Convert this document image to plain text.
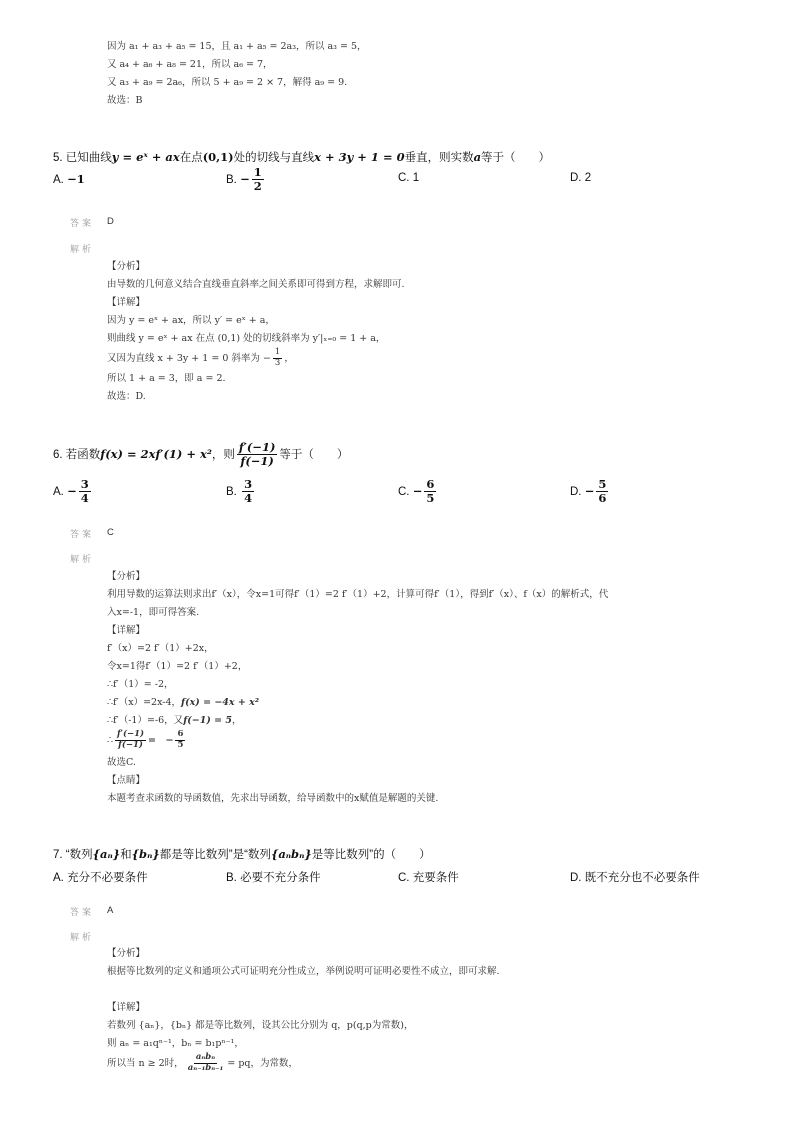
因为 a₁ + a₃ + a₅ = 15，且 a₁ + a₅ = 2a₃，所以 a₃ = 5，
又 a₄ + a₆ + a₈ = 21，所以 a₆ = 7，
又 a₃ + a₉ = 2a₆，所以 5 + a₉ = 2 × 7，解得 a₉ = 9.
故选：B
5. 已知曲线y = eˣ + ax在点(0,1)处的切线与直线x + 3y + 1 = 0垂直，则实数a等于（　　）
A. −1	B. − $\frac{1}{2}$	C. 1	D. 2
答案 D
解析
【分析】
由导数的几何意义结合直线垂直斜率之间关系即可得到方程，求解即可.
【详解】
因为 y = eˣ + ax，所以 y′ = eˣ + a，
则曲线 y = eˣ + ax 在点 (0,1) 处的切线斜率为 y′|ₓ₌₀ = 1 + a，
又因为直线 x + 3y + 1 = 0 斜率为 − $\frac{1}{3}$ ，
所以 1 + a = 3，即 a = 2.
故选：D.
6. 若函数f(x) = 2xf′(1) + x²，则 $\frac{f'(-1)}{f(-1)}$ 等于（　　）
A. − $\frac{3}{4}$	B. $\frac{3}{4}$	C. − $\frac{6}{5}$	D. − $\frac{5}{6}$
答案 C
解析
【分析】
利用导数的运算法则求出f′（x），令x=1可得f′（1）=2 f′（1）+2，计算可得f′（1），得到f′（x）、f（x）的解析式，代
入x=-1，即可得答案.
【详解】
f′（x）=2 f′（1）+2x，
令x=1得f′（1）=2 f′（1）+2，
∴f′（1）= -2，
∴f′（x）=2x-4，f(x) = −4x + x²
∴f′（-1）=-6，又f(−1) = 5，
∴ $\frac{f'(-1)}{f(-1)}$ =　− $\frac{6}{5}$
故选C.
【点睛】
本题考查求函数的导函数值，先求出导函数，给导函数中的x赋值是解题的关键.
7. “数列{aₙ}和{bₙ}都是等比数列”是“数列{aₙbₙ}是等比数列”的（　　）
A. 充分不必要条件	B. 必要不充分条件	C. 充要条件	D. 既不充分也不必要条件
答案 A
解析
【分析】
根据等比数列的定义和通项公式可证明充分性成立，举例说明可证明必要性不成立，即可求解.
【详解】
若数列 {aₙ}，{bₙ} 都是等比数列，设其公比分别为 q，p(q,p为常数)，
则 aₙ = a₁qⁿ⁻¹，bₙ = b₁pⁿ⁻¹，
所以当 n ≥ 2时， $\frac{\text{aₙbₙ}}{\text{aₙ₋₁bₙ₋₁}}$ = pq，为常数，
